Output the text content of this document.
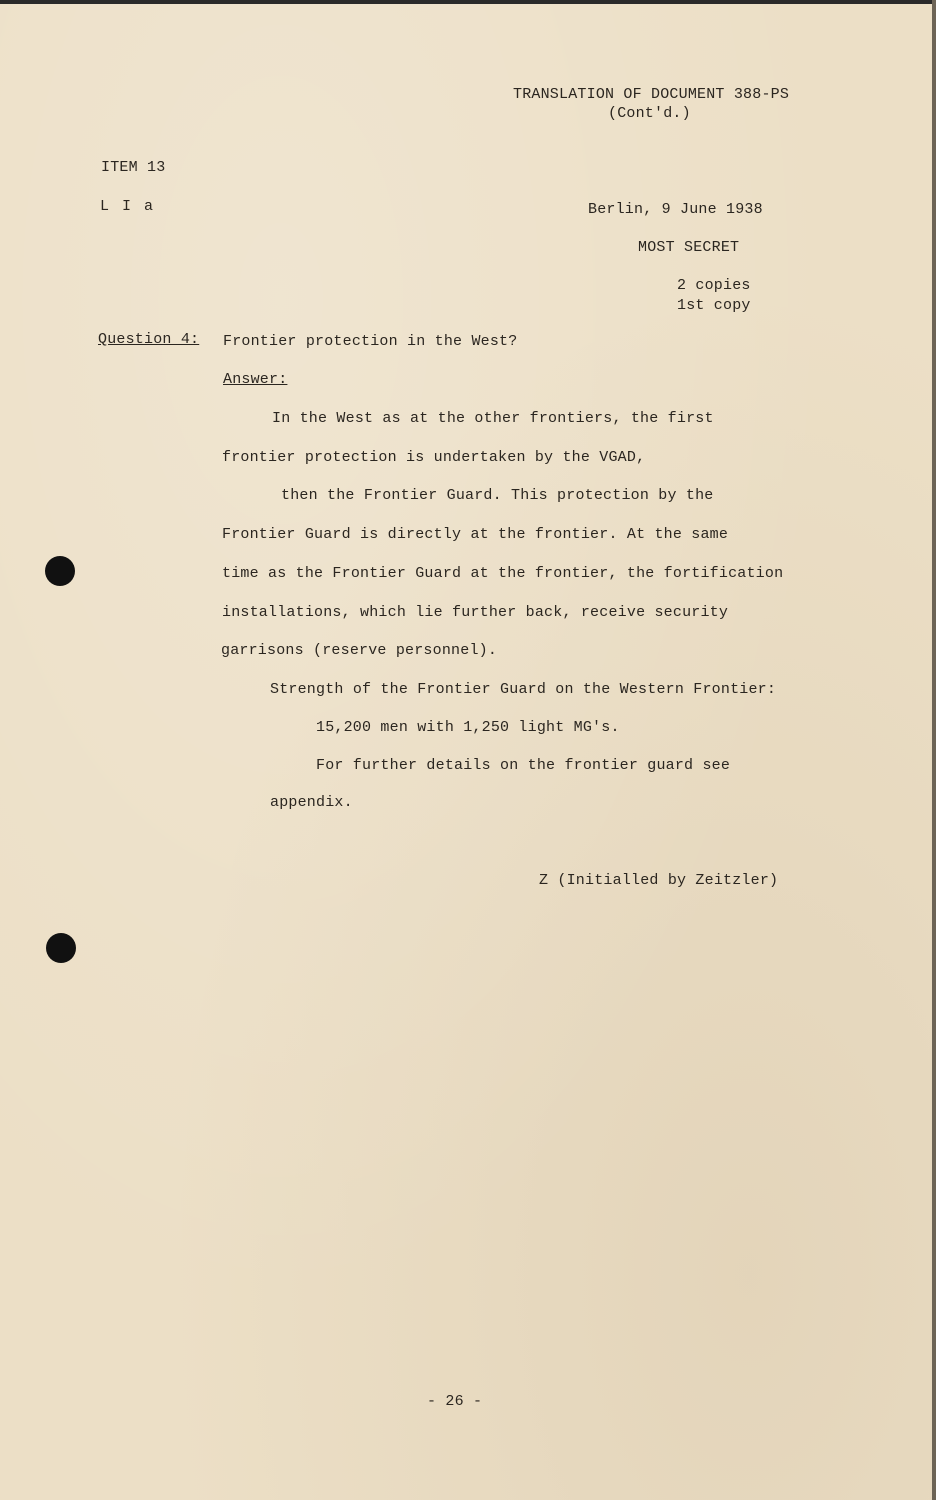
TRANSLATION OF DOCUMENT 388-PS
(Cont'd.)
ITEM 13
L I a	Berlin, 9 June 1938
MOST SECRET
2 copies
1st copy
Question 4: Frontier protection in the West?
Answer:
In the West as at the other frontiers, the first
frontier protection is undertaken by the VGAD,
then the Frontier Guard. This protection by the
Frontier Guard is directly at the frontier. At the same
time as the Frontier Guard at the frontier, the fortification
installations, which lie further back, receive security
garrisons (reserve personnel).
Strength of the Frontier Guard on the Western Frontier:
15,200 men with 1,250 light MG's.
For further details on the frontier guard see
appendix.
Z (Initialled by Zeitzler)
- 26 -
